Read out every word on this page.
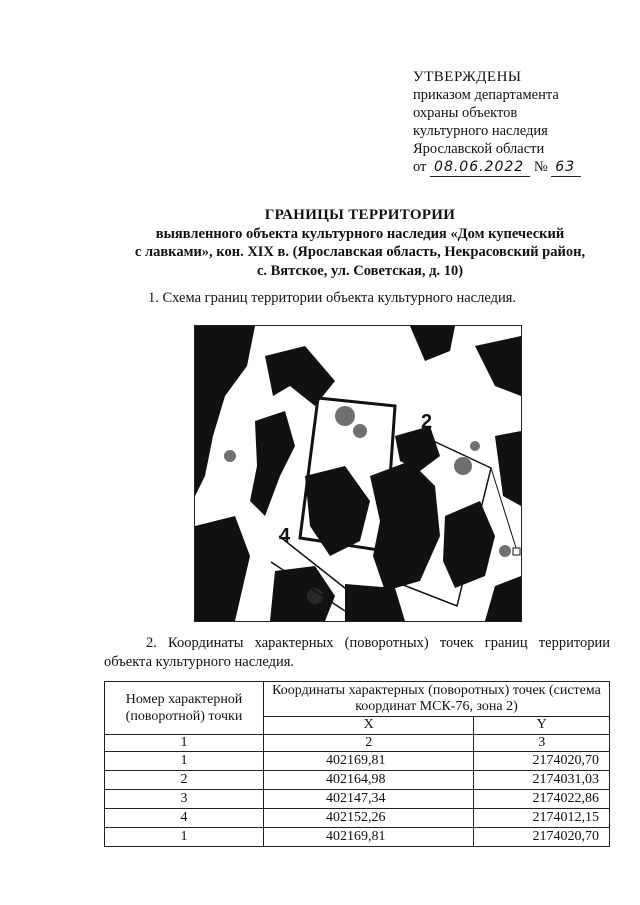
УТВЕРЖДЕНЫ
приказом департамента
охраны объектов
культурного наследия
Ярославской области
от 08.06.2022 № 63
ГРАНИЦЫ ТЕРРИТОРИИ
выявленного объекта культурного наследия «Дом купеческий
с лавками», кон. XIX в. (Ярославская область, Некрасовский район,
с. Вятское, ул. Советская, д. 10)
1. Схема границ территории объекта культурного наследия.
2
4
2. Координаты характерных (поворотных) точек границ территории
объекта культурного наследия.
Номер характерной (поворотной) точки	Координаты характерных (поворотных) точек (система координат МСК-76, зона 2)	
	X	Y
1	2	3
1	402169,81	2174020,70
2	402164,98	2174031,03
3	402147,34	2174022,86
4	402152,26	2174012,15
1	402169,81	2174020,70
